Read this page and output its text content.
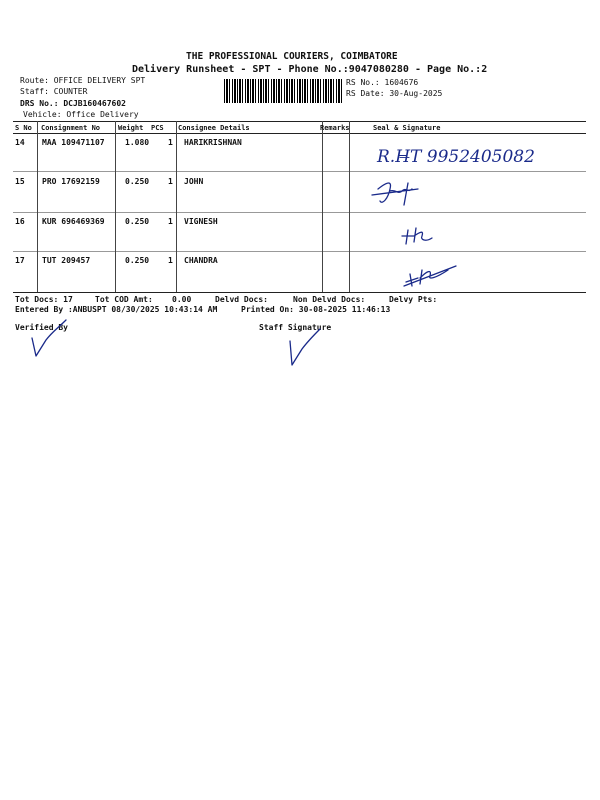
THE PROFESSIONAL COURIERS, COIMBATORE
Delivery Runsheet - SPT - Phone No.:9047080280 - Page No.:2
Route: OFFICE DELIVERY SPT
Staff: COUNTER
DRS No.: DCJB160467602
Vehicle: Office Delivery
RS No.: 1604676
RS Date: 30-Aug-2025
S No Consignment No	Weight PCS Consignee Details	Remarks	Seal & Signature
14 MAA 109471107	1.080 1 HARIKRISHNAN
15 PRO 17692159	0.250 1 JOHN
16 KUR 696469369	0.250 1 VIGNESH
17 TUT 209457	0.250 1 CHANDRA
R.H̶T 9952405082
Tot Docs: 17	Tot COD Amt: 0.00	Delvd Docs:	Non Delvd Docs:	Delvy Pts:
Entered By :ANBUSPT 08/30/2025 10:43:14 AM	Printed On: 30-08-2025 11:46:13
Verified By	Staff Signature
